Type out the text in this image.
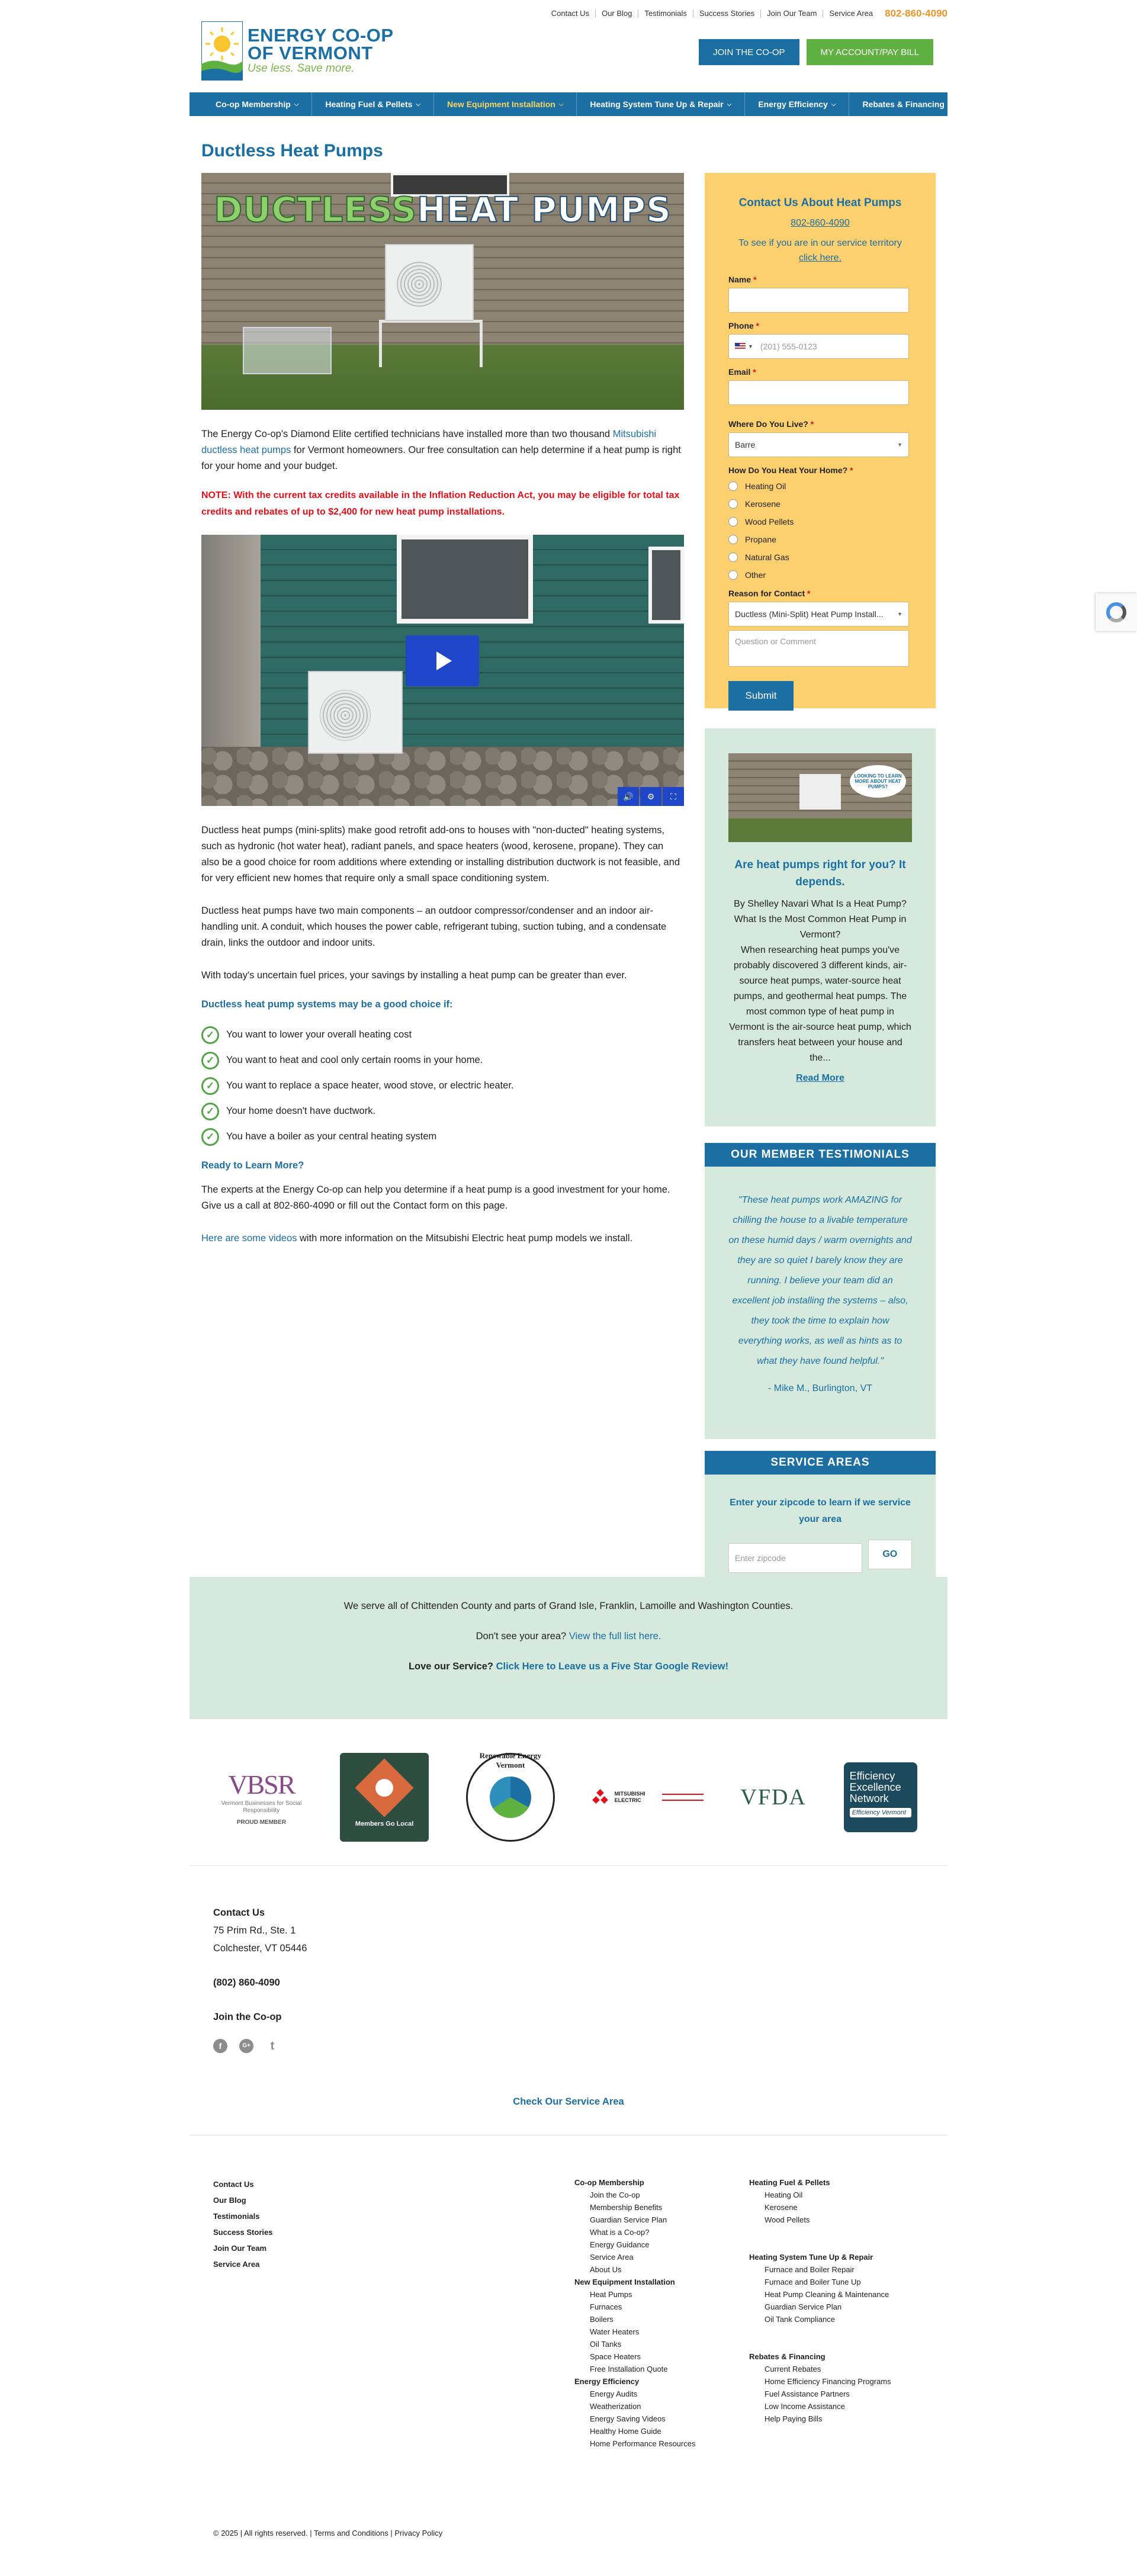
Contact Us	Our Blog	Testimonials	Success Stories	Join Our Team	Service Area	802-860-4090
ENERGY CO-OP
OF VERMONT
Use less. Save more.
JOIN THE CO-OP	MY ACCOUNT/PAY BILL
Co-op Membership ⌵	Heating Fuel & Pellets ⌵	New Equipment Installation ⌵	Heating System Tune Up & Repair ⌵	Energy Efficiency ⌵	Rebates & Financing ⌵
Ductless Heat Pumps
DUCTLESSHEAT PUMPS

The Energy Co-op's Diamond Elite certified technicians have installed more than two thousand Mitsubishi ductless heat pumps for Vermont homeowners. Our free consultation can help determine if a heat pump is right for your home and your budget.

NOTE: With the current tax credits available in the Inflation Reduction Act, you may be eligible for total tax credits and rebates of up to $2,400 for new heat pump installations.

🔊	⚙	⛶

Ductless heat pumps (mini-splits) make good retrofit add-ons to houses with "non-ducted" heating systems, such as hydronic (hot water heat), radiant panels, and space heaters (wood, kerosene, propane). They can also be a good choice for room additions where extending or installing distribution ductwork is not feasible, and for very efficient new homes that require only a small space conditioning system.

Ductless heat pumps have two main components – an outdoor compressor/condenser and an indoor air-handling unit. A conduit, which houses the power cable, refrigerant tubing, suction tubing, and a condensate drain, links the outdoor and indoor units.

With today's uncertain fuel prices, your savings by installing a heat pump can be greater than ever.

Ductless heat pump systems may be a good choice if:
✓	You want to lower your overall heating cost
✓	You want to heat and cool only certain rooms in your home.
✓	You want to replace a space heater, wood stove, or electric heater.
✓	Your home doesn't have ductwork.
✓	You have a boiler as your central heating system
Ready to Learn More?

The experts at the Energy Co-op can help you determine if a heat pump is a good investment for your home. Give us a call at 802-860-4090 or fill out the Contact form on this page.

Here are some videos with more information on the Mitsubishi Electric heat pump models we install.

Contact Us About Heat Pumps
802-860-4090
To see if you are in our service territory
click here.
Name *
Phone *
▼ (201) 555-0123
Email *
Where Do You Live? *
Barre	▼
How Do You Heat Your Home? *
Heating Oil
Kerosene
Wood Pellets
Propane
Natural Gas
Other
Reason for Contact *
Ductless (Mini-Split) Heat Pump Install...	▼
Question or Comment
Submit
LOOKING TO LEARN MORE ABOUT HEAT PUMPS?
Are heat pumps right for you? It depends.

By Shelley Navari What Is a Heat Pump? What Is the Most Common Heat Pump in Vermont?
When researching heat pumps you've probably discovered 3 different kinds, air-source heat pumps, water-source heat pumps, and geothermal heat pumps. The most common type of heat pump in Vermont is the air-source heat pump, which transfers heat between your house and the...

Read More
OUR MEMBER TESTIMONIALS
"These heat pumps work AMAZING for chilling the house to a livable temperature on these humid days / warm overnights and they are so quiet I barely know they are running. I believe your team did an excellent job installing the systems – also, they took the time to explain how everything works, as well as hints as to what they have found helpful."
- Mike M., Burlington, VT
SERVICE AREAS

Enter your zipcode to learn if we service your area

Enter zipcode	GO

We serve all of Chittenden County and parts of Grand Isle, Franklin, Lamoille and Washington Counties.

Don't see your area? View the full list here.

Love our Service? Click Here to Leave us a Five Star Google Review!

VBSR
Vermont Businesses for Social Responsibility
PROUD MEMBER	Members Go Local
Renewable Energy Vermont
MITSUBISHI ELECTRIC	VFDA
Efficiency
Excellence
Network
Efficiency Vermont
Contact Us
75 Prim Rd., Ste. 1
Colchester, VT 05446
(802) 860-4090
Join the Co-op
f	G+	t
Check Our Service Area
Contact Us
Our Blog
Testimonials
Success Stories
Join Our Team
Service Area
Co-op Membership
Join the Co-op
Membership Benefits
Guardian Service Plan
What is a Co-op?
Energy Guidance
Service Area
About Us
New Equipment Installation
Heat Pumps
Furnaces
Boilers
Water Heaters
Oil Tanks
Space Heaters
Free Installation Quote
Energy Efficiency
Energy Audits
Weatherization
Energy Saving Videos
Healthy Home Guide
Home Performance Resources
Heating Fuel & Pellets
Heating Oil
Kerosene
Wood Pellets
Heating System Tune Up & Repair
Furnace and Boiler Repair
Furnace and Boiler Tune Up
Heat Pump Cleaning & Maintenance
Guardian Service Plan
Oil Tank Compliance
Rebates & Financing
Current Rebates
Home Efficiency Financing Programs
Fuel Assistance Partners
Low Income Assistance
Help Paying Bills
© 2025 | All rights reserved. | Terms and Conditions | Privacy Policy
